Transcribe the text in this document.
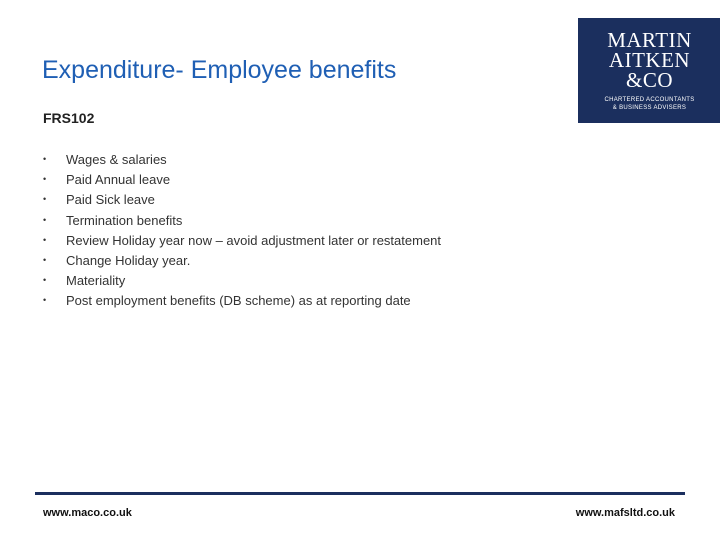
Expenditure- Employee benefits
MARTIN
AITKEN
&CO
CHARTERED ACCOUNTANTS
& BUSINESS ADVISERS
FRS102
• Wages & salaries
• Paid Annual leave
• Paid Sick leave
• Termination benefits
• Review Holiday year now – avoid adjustment later or restatement
• Change Holiday year.
• Materiality
• Post employment benefits (DB scheme) as at reporting date
www.maco.co.uk	www.mafsltd.co.uk
